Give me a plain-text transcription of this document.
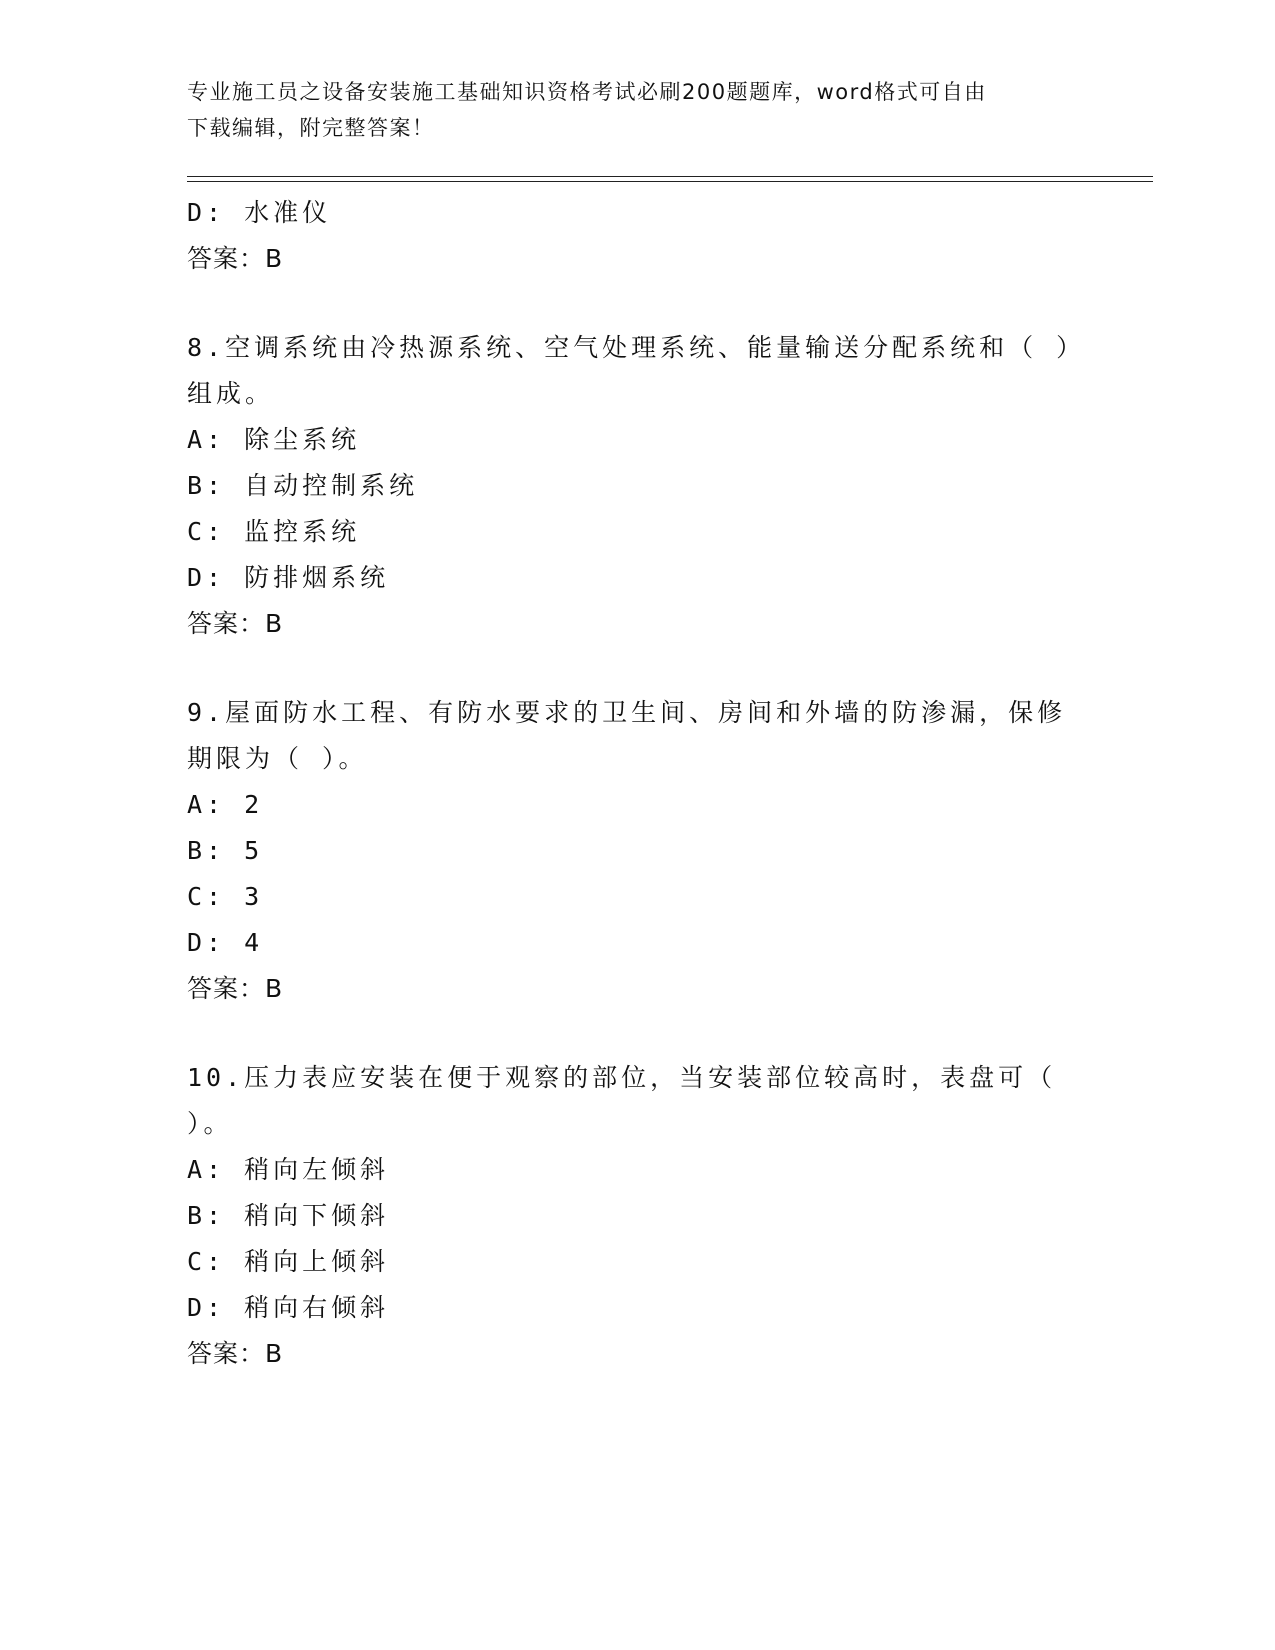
专业施工员之设备安装施工基础知识资格考试必刷200题题库，word格式可自由
下载编辑，附完整答案！
D: 水准仪
答案：B
8.空调系统由冷热源系统、空气处理系统、能量输送分配系统和（ ）
组成。
A: 除尘系统
B: 自动控制系统
C: 监控系统
D: 防排烟系统
答案：B
9.屋面防水工程、有防水要求的卫生间、房间和外墙的防渗漏，保修
期限为（ ）。
A: 2
B: 5
C: 3
D: 4
答案：B
10.压力表应安装在便于观察的部位，当安装部位较高时，表盘可（
）。
A: 稍向左倾斜
B: 稍向下倾斜
C: 稍向上倾斜
D: 稍向右倾斜
答案：B
